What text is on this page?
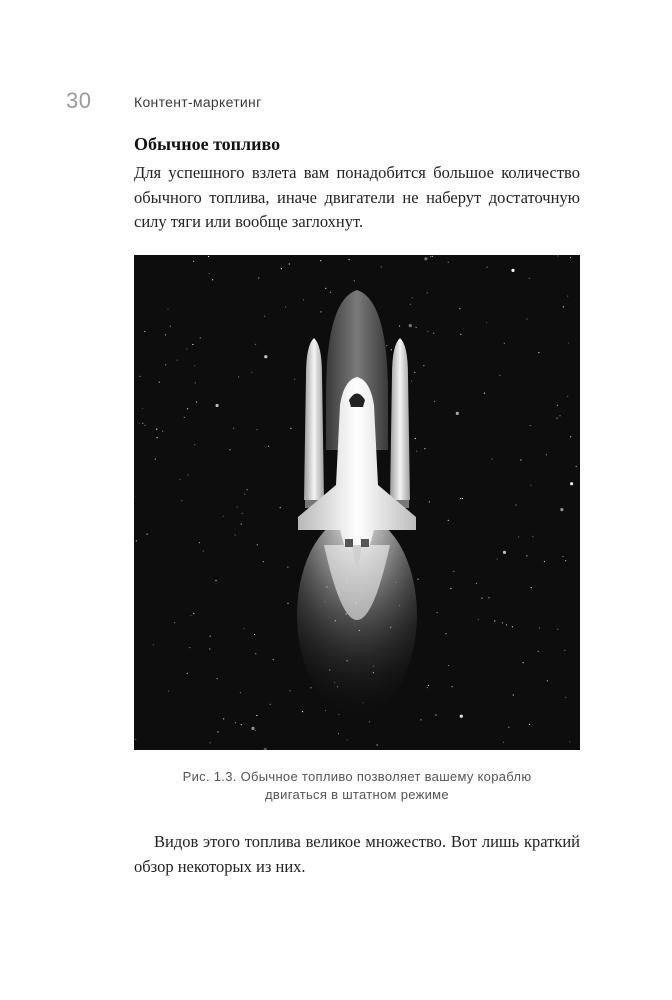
30	Контент-маркетинг
Обычное топливо
Для успешного взлета вам понадобится большое количество обычного топлива, иначе двигатели не наберут достаточную силу тяги или вообще заглохнут.
Рис. 1.3. Обычное топливо позволяет вашему кораблю
двигаться в штатном режиме
Видов этого топлива великое множество. Вот лишь краткий обзор некоторых из них.
